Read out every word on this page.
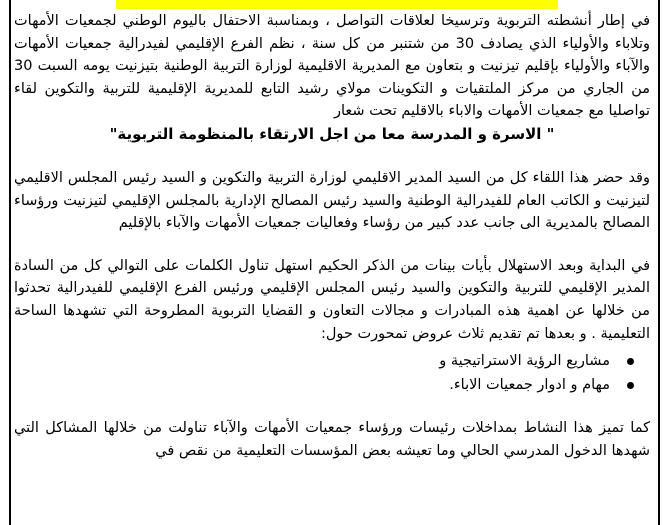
في إطار أنشطته التربوية وترسيخا لعلاقات التواصل ، وبمناسبة الاحتفال باليوم الوطني لجمعيات الأمهات وتلاباء والأولياء الذي يصادف 30 من شتنبر من كل سنة ، نظم الفرع الإقليمي لفيدرالية جمعيات الأمهات والآباء والأولياء بإقليم تيزنيت و بتعاون مع المديرية الاقليمية لوزارة التربية الوطنية بتيزنيت يومه السبت 30 من الجاري من مركز الملتقيات و التكوينات مولاي رشيد التابع للمديرية الإقليمية للتربية والتكوين لقاء تواصليا مع جمعيات الأمهات والاباء بالاقليم تحت شعار

" الاسرة و المدرسة معا من اجل الارتقاء بالمنظومة التربوية"

وقد حضر هذا اللقاء كل من السيد المدير الاقليمي لوزارة التربية والتكوين و السيد رئيس المجلس الاقليمي لتيزنيت و الكاتب العام للفيدرالية الوطنية والسيد رئيس المصالح الإدارية بالمجلس الإقليمي لتيزنيت ورؤساء المصالح بالمديرية الى جانب عدد كبير من رؤساء وفعاليات جمعيات الأمهات والآباء بالإقليم

في البداية وبعد الاستهلال بأيات بينات من الذكر الحكيم استهل تناول الكلمات على التوالي كل من السادة المدير الإقليمي للتربية والتكوين والسيد رئيس المجلس الإقليمي ورئيس الفرع الإقليمي للفيدرالية تحدثوا من خلالها عن اهمية هذه المبادرات و مجالات التعاون و القضايا التربوية المطروحة التي تشهدها الساحة التعليمية . و بعدها تم تقديم ثلاث عروض تمحورت حول:

مشاريع الرؤية الاستراتيجية و
مهام و ادوار جمعيات الاباء.

كما تميز هذا النشاط بمداخلات رئيسات ورؤساء جمعيات الأمهات والآباء تناولت من خلالها المشاكل التي شهدها الدخول المدرسي الحالي وما تعيشه بعض المؤسسات التعليمية من نقص في
